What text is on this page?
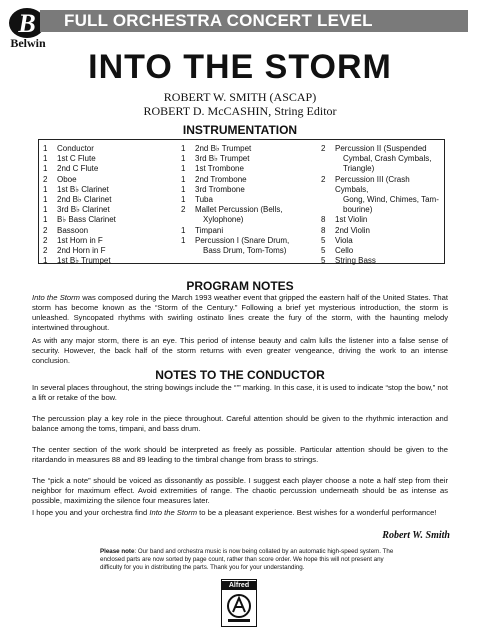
B
Belwin
FULL ORCHESTRA CONCERT LEVEL
INTO THE STORM
ROBERT W. SMITH (ASCAP)
ROBERT D. McCASHIN, String Editor
INSTRUMENTATION
1	Conductor
1	1st C Flute
1	2nd C Flute
2	Oboe
1	1st B♭ Clarinet
1	2nd B♭ Clarinet
1	3rd B♭ Clarinet
1	B♭ Bass Clarinet
2	Bassoon
2	1st Horn in F
2	2nd Horn in F
1	1st B♭ Trumpet
1	2nd B♭ Trumpet
1	3rd B♭ Trumpet
1	1st Trombone
1	2nd Trombone
1	3rd Trombone
1	Tuba
2	Mallet Percussion (Bells,
Xylophone)
1	Timpani
1	Percussion I (Snare Drum,
Bass Drum, Tom-Toms)
2	Percussion II (Suspended
Cymbal, Crash Cymbals,
Triangle)
2	Percussion III (Crash Cymbals,
Gong, Wind, Chimes, Tam-
bourine)
8	1st Violin
8	2nd Violin
5	Viola
5	Cello
5	String Bass
PROGRAM NOTES
Into the Storm was composed during the March 1993 weather event that gripped the eastern half of the United States. That storm has become known as the “Storm of the Century.” Following a brief yet mysterious introduction, the storm is unleashed. Syncopated rhythms with swirling ostinato lines create the fury of the storm, with the haunting melody intertwined throughout.
As with any major storm, there is an eye. This period of intense beauty and calm lulls the listener into a false sense of security. However, the back half of the storm returns with even greater vengeance, driving the work to an intense conclusion.
NOTES TO THE CONDUCTOR
In several places throughout, the string bowings include the “’” marking. In this case, it is used to indicate “stop the bow,” not a lift or retake of the bow.
The percussion play a key role in the piece throughout. Careful attention should be given to the rhythmic interaction and balance among the toms, timpani, and bass drum.
The center section of the work should be interpreted as freely as possible. Particular attention should be given to the ritardando in measures 88 and 89 leading to the timbral change from brass to strings.
The “pick a note” should be voiced as dissonantly as possible. I suggest each player choose a note a half step from their neighbor for maximum effect. Avoid extremities of range. The chaotic percussion underneath should be as intense as possible, maximizing the silence four measures later.
I hope you and your orchestra find Into the Storm to be a pleasant experience. Best wishes for a wonderful performance!
Robert W. Smith
Please note: Our band and orchestra music is now being collated by an automatic high-speed system. The enclosed parts are now sorted by page count, rather than score order. We hope this will not present any difficulty for you in distributing the parts. Thank you for your understanding.
Alfred
